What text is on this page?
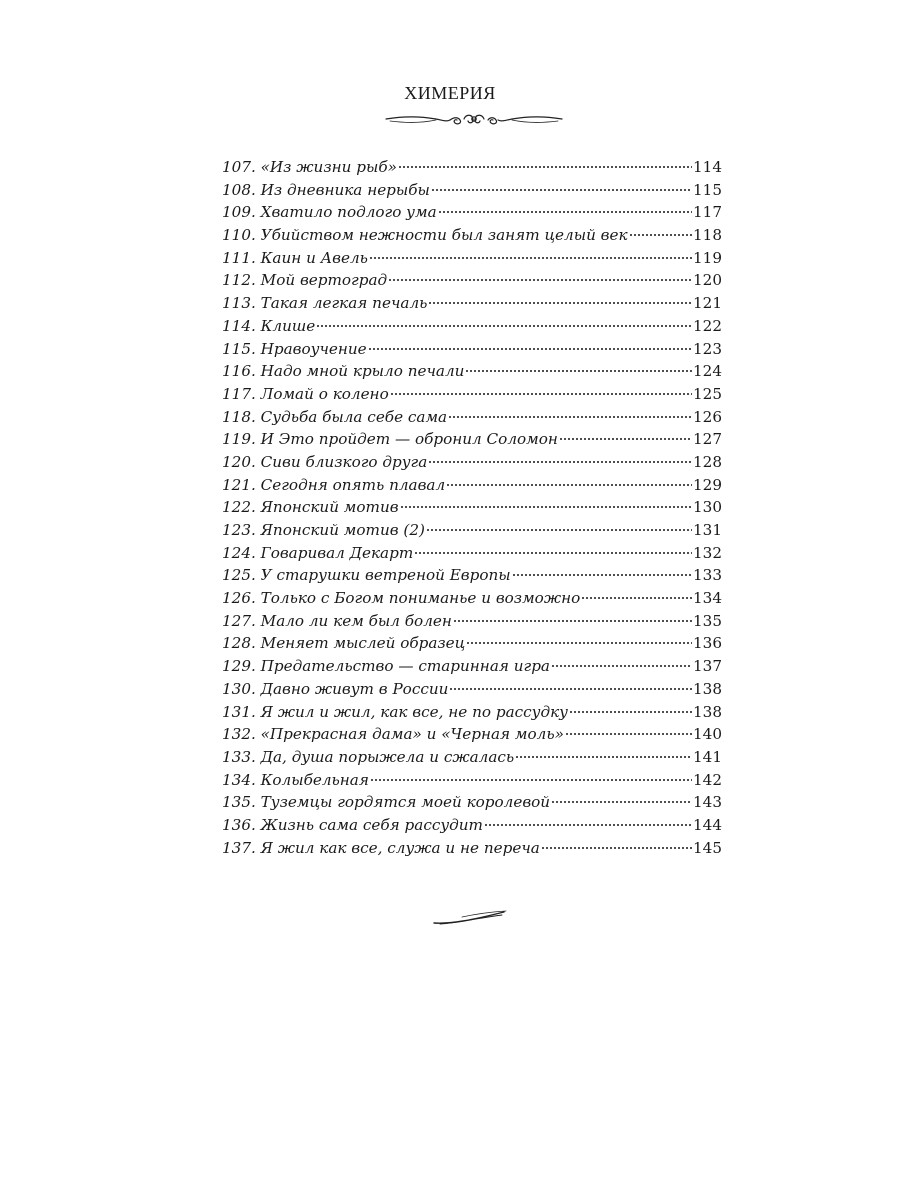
ХИМЕРИЯ
107. «Из жизни рыб»	114
108. Из дневника нерыбы	115
109. Хватило подлого ума	117
110. Убийством нежности был занят целый век	118
111. Каин и Авель	119
112. Мой вертоград	120
113. Такая легкая печаль	121
114. Клише	122
115. Нравоучение	123
116. Надо мной крыло печали	124
117. Ломай о колено	125
118. Судьба была себе сама	126
119. И Это пройдет — обронил Соломон	127
120. Сиви близкого друга	128
121. Сегодня опять плавал	129
122. Японский мотив	130
123. Японский мотив (2)	131
124. Говаривал Декарт	132
125. У старушки ветреной Европы	133
126. Только с Богом пониманье и возможно	134
127. Мало ли кем был болен	135
128. Меняет мыслей образец	136
129. Предательство — старинная игра	137
130. Давно живут в России	138
131. Я жил и жил, как все, не по рассудку	138
132. «Прекрасная дама» и «Черная моль»	140
133. Да, душа порыжела и сжалась	141
134. Колыбельная	142
135. Туземцы гордятся моей королевой	143
136. Жизнь сама себя рассудит	144
137. Я жил как все, служа и не переча	145
